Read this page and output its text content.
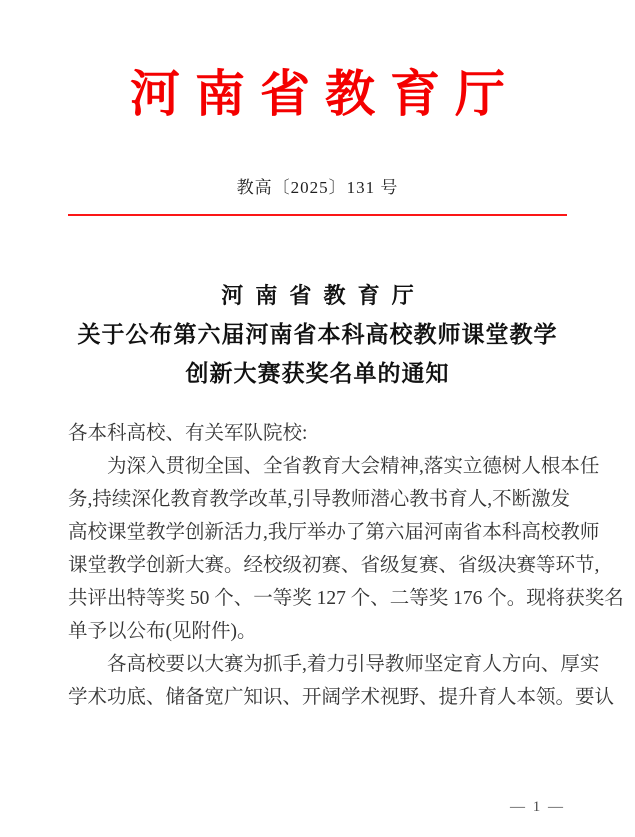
河南省教育厅
教高〔2025〕131 号
河南省教育厅
关于公布第六届河南省本科高校教师课堂教学
创新大赛获奖名单的通知
各本科高校、有关军队院校:
为深入贯彻全国、全省教育大会精神,落实立德树人根本任
务,持续深化教育教学改革,引导教师潜心教书育人,不断激发
高校课堂教学创新活力,我厅举办了第六届河南省本科高校教师
课堂教学创新大赛。经校级初赛、省级复赛、省级决赛等环节,
共评出特等奖 50 个、一等奖 127 个、二等奖 176 个。现将获奖名
单予以公布(见附件)。
各高校要以大赛为抓手,着力引导教师坚定育人方向、厚实
学术功底、储备宽广知识、开阔学术视野、提升育人本领。要认
— 1 —
